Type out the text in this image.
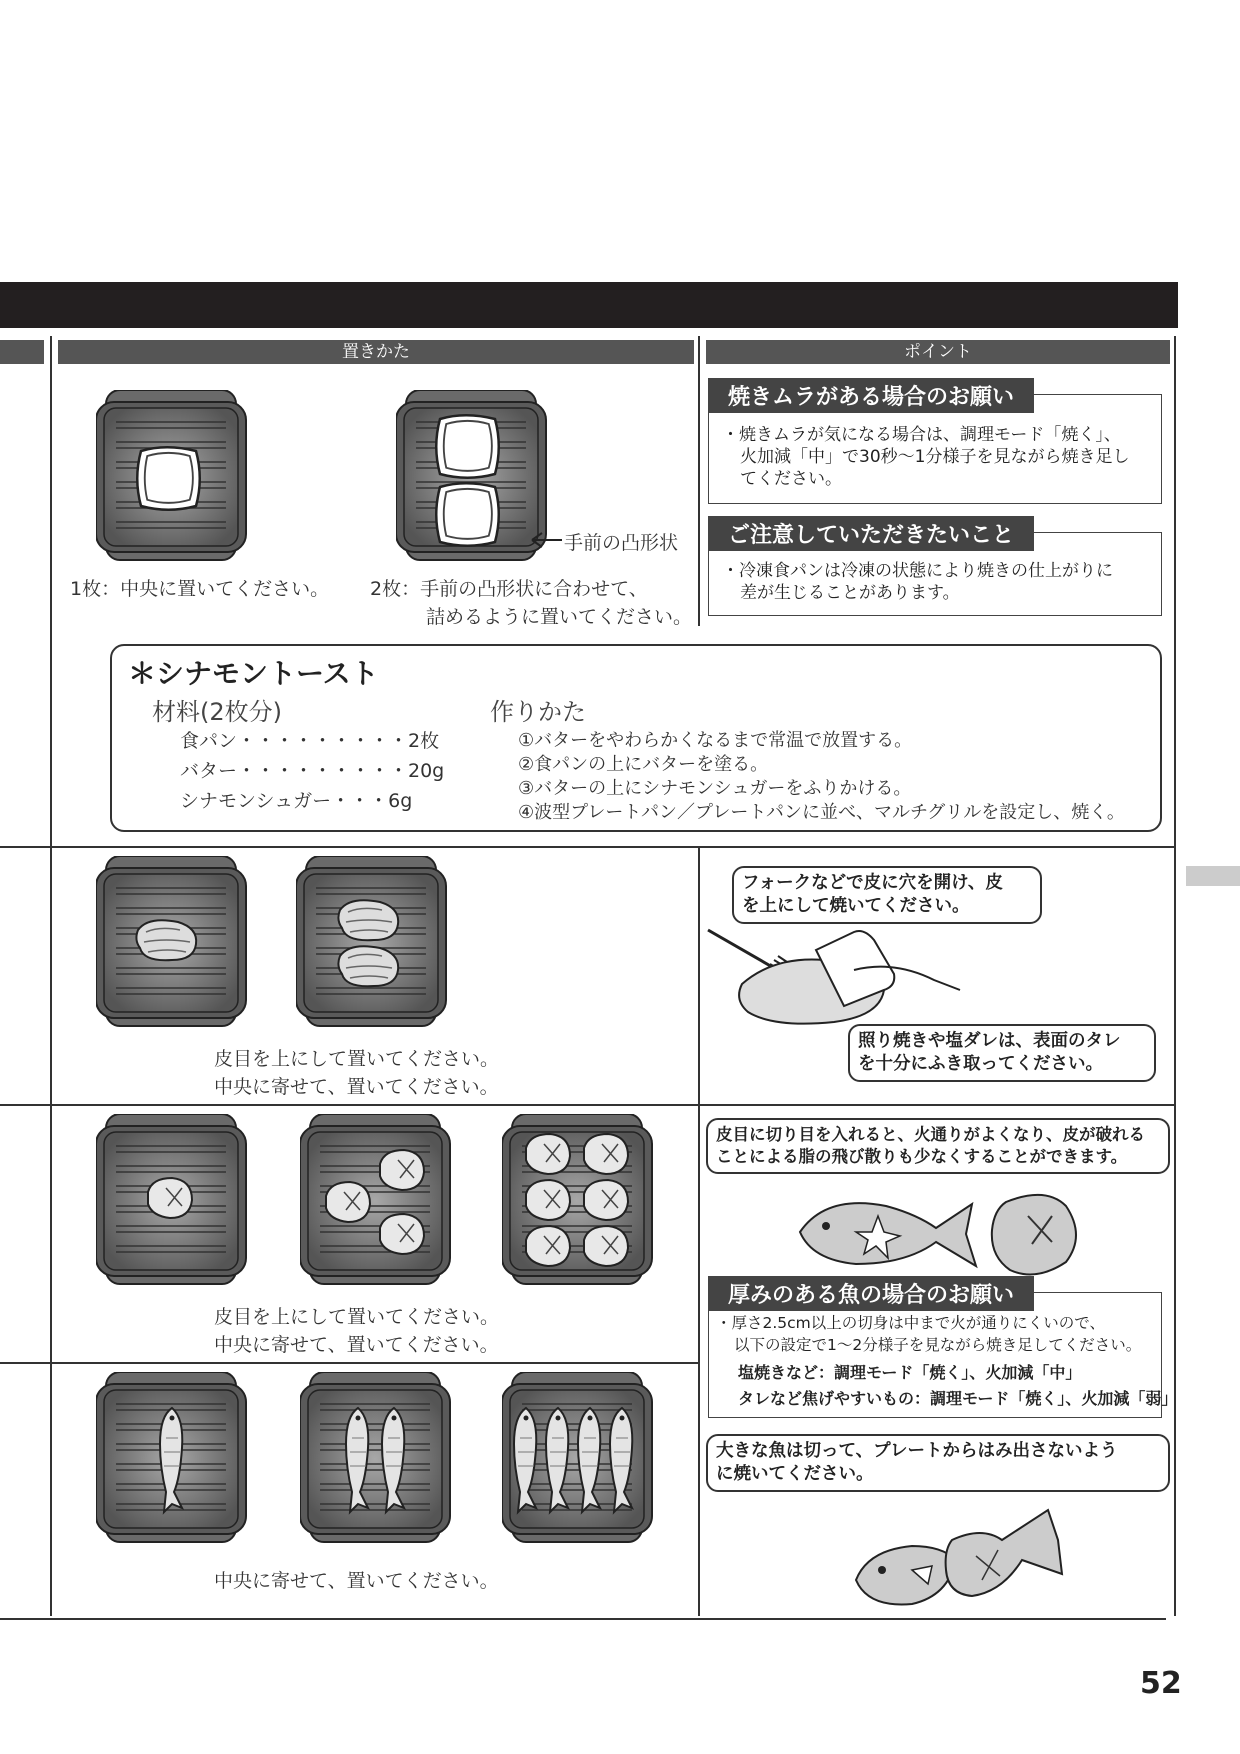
置きかた	ポイント
手前の凸形状
1枚：中央に置いてください。 2枚：手前の凸形状に合わせて、
詰めるように置いてください。
焼きムラがある場合のお願い
・焼きムラが気になる場合は、調理モード「焼く」、
火加減「中」で30秒～1分様子を見ながら焼き足し
てください。
ご注意していただきたいこと
・冷凍食パンは冷凍の状態により焼きの仕上がりに
差が生じることがあります。
＊シナモントースト
材料(2枚分)
食パン・・・・・・・・・2枚
バター・・・・・・・・・20g
シナモンシュガー・・・6g
作りかた
①バターをやわらかくなるまで常温で放置する。
②食パンの上にバターを塗る。
③バターの上にシナモンシュガーをふりかける。
④波型プレートパン／プレートパンに並べ、マルチグリルを設定し、焼く。
皮目を上にして置いてください。
中央に寄せて、置いてください。
フォークなどで皮に穴を開け、皮
を上にして焼いてください。
照り焼きや塩ダレは、表面のタレ
を十分にふき取ってください。
皮目を上にして置いてください。
中央に寄せて、置いてください。
皮目に切り目を入れると、火通りがよくなり、皮が破れる
ことによる脂の飛び散りも少なくすることができます。
厚みのある魚の場合のお願い
・厚さ2.5cm以上の切身は中まで火が通りにくいので、
以下の設定で1～2分様子を見ながら焼き足してください。
塩焼きなど：調理モード「焼く」、火加減「中」
タレなど焦げやすいもの：調理モード「焼く」、火加減「弱」
中央に寄せて、置いてください。
大きな魚は切って、プレートからはみ出さないよう
に焼いてください。
52
